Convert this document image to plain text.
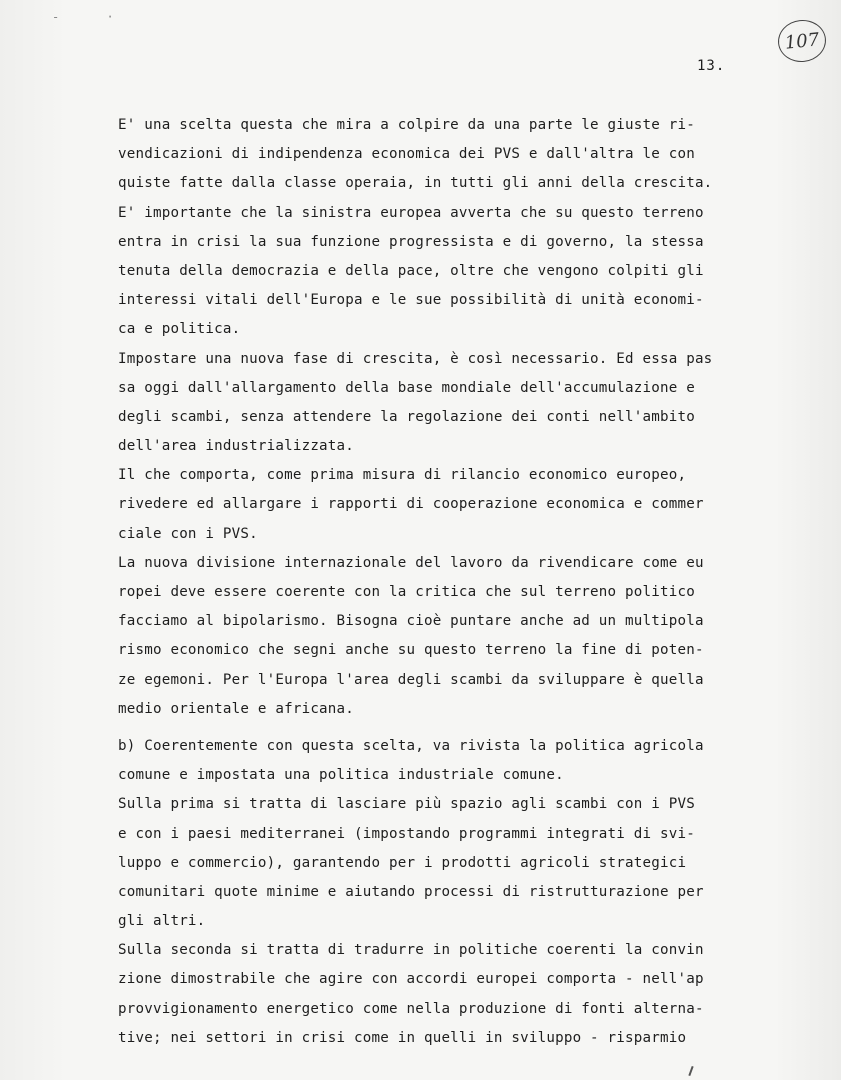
- ·
107
13.
E' una scelta questa che mira a colpire da una parte le giuste ri-
vendicazioni di indipendenza economica dei PVS e dall'altra le con
quiste fatte dalla classe operaia, in tutti gli anni della crescita.
E' importante che la sinistra europea avverta che su questo terreno
entra in crisi la sua funzione progressista e di governo, la stessa
tenuta della democrazia e della pace, oltre che vengono colpiti gli
interessi vitali dell'Europa e le sue possibilità di unità economi-
ca e politica.
Impostare una nuova fase di crescita, è così necessario. Ed essa pas
sa oggi dall'allargamento della base mondiale dell'accumulazione e
degli scambi, senza attendere la regolazione dei conti nell'ambito
dell'area industrializzata.
Il che comporta, come prima misura di rilancio economico europeo,
rivedere ed allargare i rapporti di cooperazione economica e commer
ciale con i PVS.
La nuova divisione internazionale del lavoro da rivendicare come eu
ropei deve essere coerente con la critica che sul terreno politico
facciamo al bipolarismo. Bisogna cioè puntare anche ad un multipola
rismo economico che segni anche su questo terreno la fine di poten-
ze egemoni. Per l'Europa l'area degli scambi da sviluppare è quella
medio orientale e africana.
b) Coerentemente con questa scelta, va rivista la politica agricola
comune e impostata una politica industriale comune.
Sulla prima si tratta di lasciare più spazio agli scambi con i PVS
e con i paesi mediterranei (impostando programmi integrati di svi-
luppo e commercio), garantendo per i prodotti agricoli strategici
comunitari quote minime e aiutando processi di ristrutturazione per
gli altri.
Sulla seconda si tratta di tradurre in politiche coerenti la convin
zione dimostrabile che agire con accordi europei comporta - nell'ap
provvigionamento energetico come nella produzione di fonti alterna-
tive; nei settori in crisi come in quelli in sviluppo - risparmio
